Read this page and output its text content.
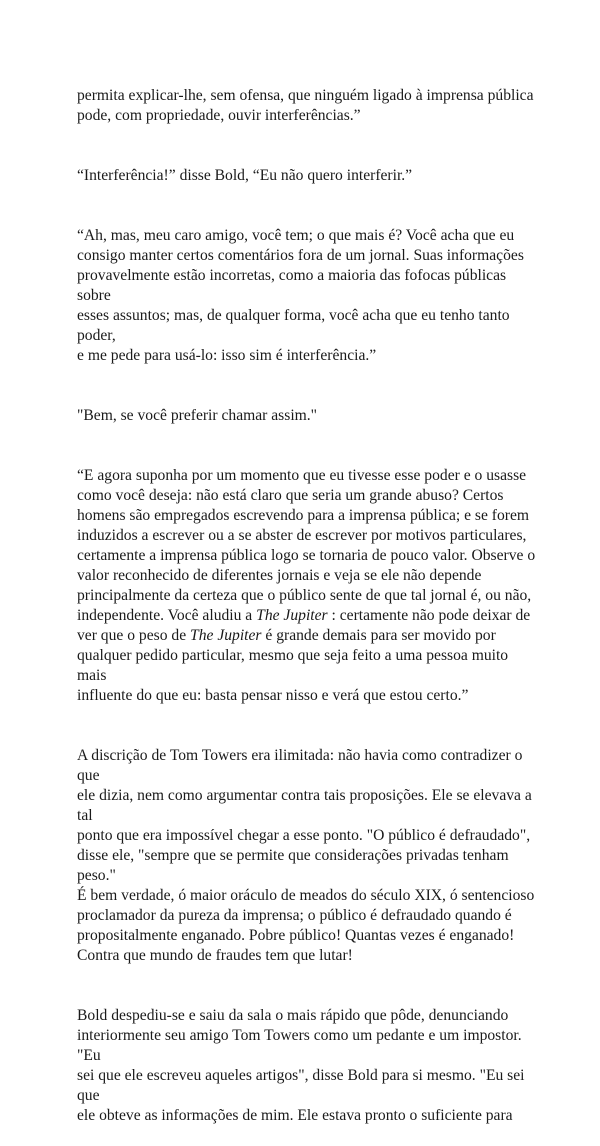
permita explicar-lhe, sem ofensa, que ninguém ligado à imprensa pública
pode, com propriedade, ouvir interferências.”

“Interferência!” disse Bold, “Eu não quero interferir.”

“Ah, mas, meu caro amigo, você tem; o que mais é? Você acha que eu
consigo manter certos comentários fora de um jornal. Suas informações
provavelmente estão incorretas, como a maioria das fofocas públicas sobre
esses assuntos; mas, de qualquer forma, você acha que eu tenho tanto poder,
e me pede para usá-lo: isso sim é interferência.”

"Bem, se você preferir chamar assim."

“E agora suponha por um momento que eu tivesse esse poder e o usasse
como você deseja: não está claro que seria um grande abuso? Certos
homens são empregados escrevendo para a imprensa pública; e se forem
induzidos a escrever ou a se abster de escrever por motivos particulares,
certamente a imprensa pública logo se tornaria de pouco valor. Observe o
valor reconhecido de diferentes jornais e veja se ele não depende
principalmente da certeza que o público sente de que tal jornal é, ou não,
independente. Você aludiu a The Jupiter : certamente não pode deixar de
ver que o peso de The Jupiter é grande demais para ser movido por
qualquer pedido particular, mesmo que seja feito a uma pessoa muito mais
influente do que eu: basta pensar nisso e verá que estou certo.”

A discrição de Tom Towers era ilimitada: não havia como contradizer o que
ele dizia, nem como argumentar contra tais proposições. Ele se elevava a tal
ponto que era impossível chegar a esse ponto. "O público é defraudado",
disse ele, "sempre que se permite que considerações privadas tenham peso."
É bem verdade, ó maior oráculo de meados do século XIX, ó sentencioso
proclamador da pureza da imprensa; o público é defraudado quando é
propositalmente enganado. Pobre público! Quantas vezes é enganado!
Contra que mundo de fraudes tem que lutar!

Bold despediu-se e saiu da sala o mais rápido que pôde, denunciando
interiormente seu amigo Tom Towers como um pedante e um impostor. "Eu
sei que ele escreveu aqueles artigos", disse Bold para si mesmo. "Eu sei que
ele obteve as informações de mim. Ele estava pronto o suficiente para
